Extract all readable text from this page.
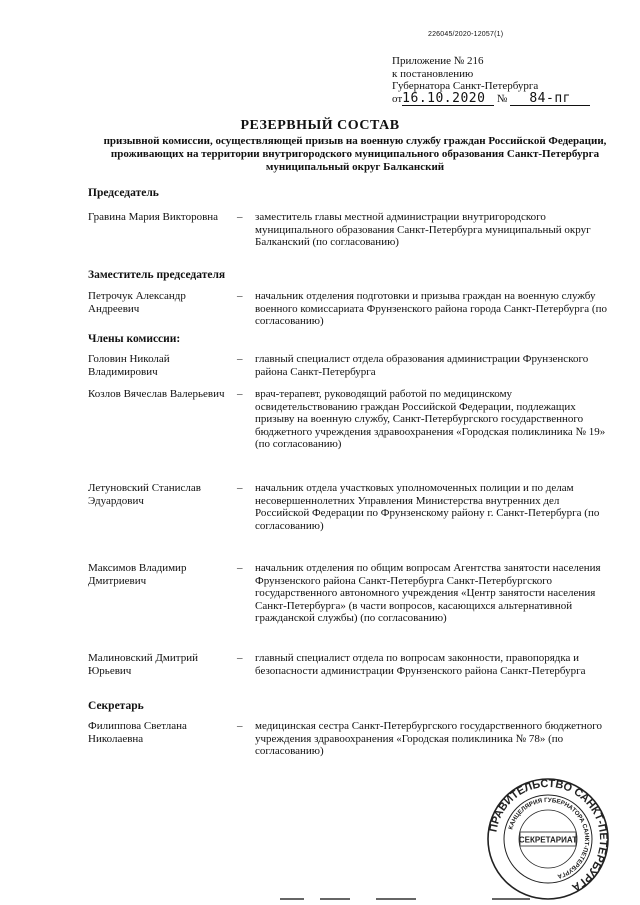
226045/2020-12057(1)
Приложение № 216
к постановлению
Губернатора Санкт-Петербурга
от16.10.2020 № 84-пг
РЕЗЕРВНЫЙ СОСТАВ
призывной комиссии, осуществляющей призыв на военную службу граждан Российской Федерации, проживающих на территории внутригородского муниципального образования Санкт-Петербурга муниципальный округ Балканский
Председатель
Гравина Мария Викторовна	– заместитель главы местной администрации внутригородского муниципального образования Санкт-Петербурга муниципальный округ Балканский (по согласованию)
Заместитель председателя
Петрочук Александр Андреевич
– начальник отделения подготовки и призыва граждан на военную службу военного комиссариата Фрунзенского района города Санкт-Петербурга (по согласованию)
Члены комиссии:
Головин Николай Владимирович
– главный специалист отдела образования администрации Фрунзенского района Санкт-Петербурга
Козлов Вячеслав Валерьевич	– врач-терапевт, руководящий работой по медицинскому освидетельствованию граждан Российской Федерации, подлежащих призыву на военную службу, Санкт-Петербургского государственного бюджетного учреждения здравоохранения «Городская поликлиника № 19» (по согласованию)
Летуновский Станислав Эдуардович
– начальник отдела участковых уполномоченных полиции и по делам несовершеннолетних Управления Министерства внутренних дел Российской Федерации по Фрунзенскому району г. Санкт-Петербурга (по согласованию)
Максимов Владимир Дмитриевич
– начальник отделения по общим вопросам Агентства занятости населения Фрунзенского района Санкт-Петербурга Санкт-Петербургского государственного автономного учреждения «Центр занятости населения Санкт-Петербурга» (в части вопросов, касающихся альтернативной гражданской службы) (по согласованию)
Малиновский Дмитрий Юрьевич
– главный специалист отдела по вопросам законности, правопорядка и безопасности администрации Фрунзенского района Санкт-Петербурга
Секретарь
Филиппова Светлана Николаевна
– медицинская сестра Санкт-Петербургского государственного бюджетного учреждения здравоохранения «Городская поликлиника № 78» (по согласованию)
ПРАВИТЕЛЬСТВО САНКТ-ПЕТЕРБУРГА
КАНЦЕЛЯРИЯ ГУБЕРНАТОРА САНКТ-ПЕТЕРБУРГА
СЕКРЕТАРИАТ
